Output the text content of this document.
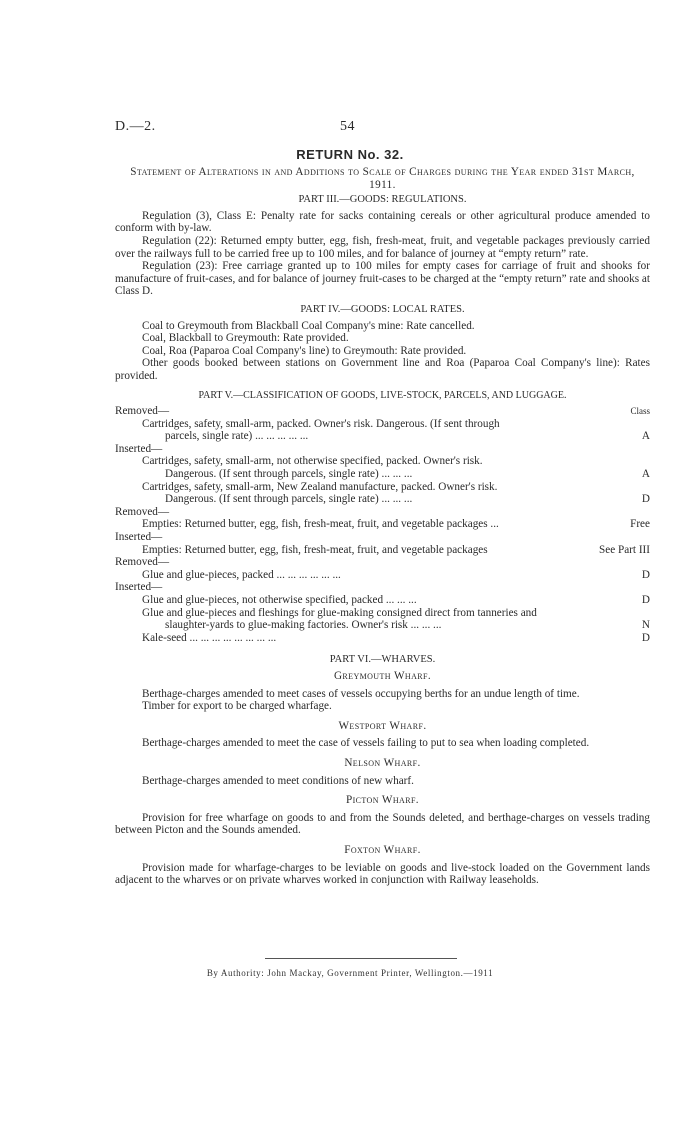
D.—2.	54
RETURN No. 32.
Statement of Alterations in and Additions to Scale of Charges during the Year ended 31st March, 1911.
PART III.—GOODS: REGULATIONS.

Regulation (3), Class E: Penalty rate for sacks containing cereals or other agricultural produce amended to conform with by-law.

Regulation (22): Returned empty butter, egg, fish, fresh-meat, fruit, and vegetable packages previously carried over the railways full to be carried free up to 100 miles, and for balance of journey at “empty return” rate.

Regulation (23): Free carriage granted up to 100 miles for empty cases for carriage of fruit and shooks for manufacture of fruit-cases, and for balance of journey fruit-cases to be charged at the “empty return” rate and shooks at Class D.

PART IV.—GOODS: LOCAL RATES.

Coal to Greymouth from Blackball Coal Company's mine: Rate cancelled.

Coal, Blackball to Greymouth: Rate provided.

Coal, Roa (Paparoa Coal Company's line) to Greymouth: Rate provided.

Other goods booked between stations on Government line and Roa (Paparoa Coal Company's line): Rates provided.

PART V.—CLASSIFICATION OF GOODS, LIVE-STOCK, PARCELS, AND LUGGAGE.
Removed—	Class
Cartridges, safety, small-arm, packed. Owner's risk. Dangerous. (If sent through
parcels, single rate) ... ... ... ... ...	A
Inserted—
Cartridges, safety, small-arm, not otherwise specified, packed. Owner's risk.
Dangerous. (If sent through parcels, single rate) ... ... ...	A
Cartridges, safety, small-arm, New Zealand manufacture, packed. Owner's risk.
Dangerous. (If sent through parcels, single rate) ... ... ...	D
Removed—
Empties: Returned butter, egg, fish, fresh-meat, fruit, and vegetable packages ...	Free
Inserted—
Empties: Returned butter, egg, fish, fresh-meat, fruit, and vegetable packages	See Part III
Removed—
Glue and glue-pieces, packed ... ... ... ... ... ...	D
Inserted—
Glue and glue-pieces, not otherwise specified, packed ... ... ...	D
Glue and glue-pieces and fleshings for glue-making consigned direct from tanneries and
slaughter-yards to glue-making factories. Owner's risk ... ... ...	N
Kale-seed ... ... ... ... ... ... ... ...	D
PART VI.—WHARVES.
Greymouth Wharf.

Berthage-charges amended to meet cases of vessels occupying berths for an undue length of time.

Timber for export to be charged wharfage.

Westport Wharf.

Berthage-charges amended to meet the case of vessels failing to put to sea when loading completed.

Nelson Wharf.

Berthage-charges amended to meet conditions of new wharf.

Picton Wharf.

Provision for free wharfage on goods to and from the Sounds deleted, and berthage-charges on vessels trading between Picton and the Sounds amended.

Foxton Wharf.

Provision made for wharfage-charges to be leviable on goods and live-stock loaded on the Government lands adjacent to the wharves or on private wharves worked in conjunction with Railway leaseholds.

By Authority: John Mackay, Government Printer, Wellington.—1911
